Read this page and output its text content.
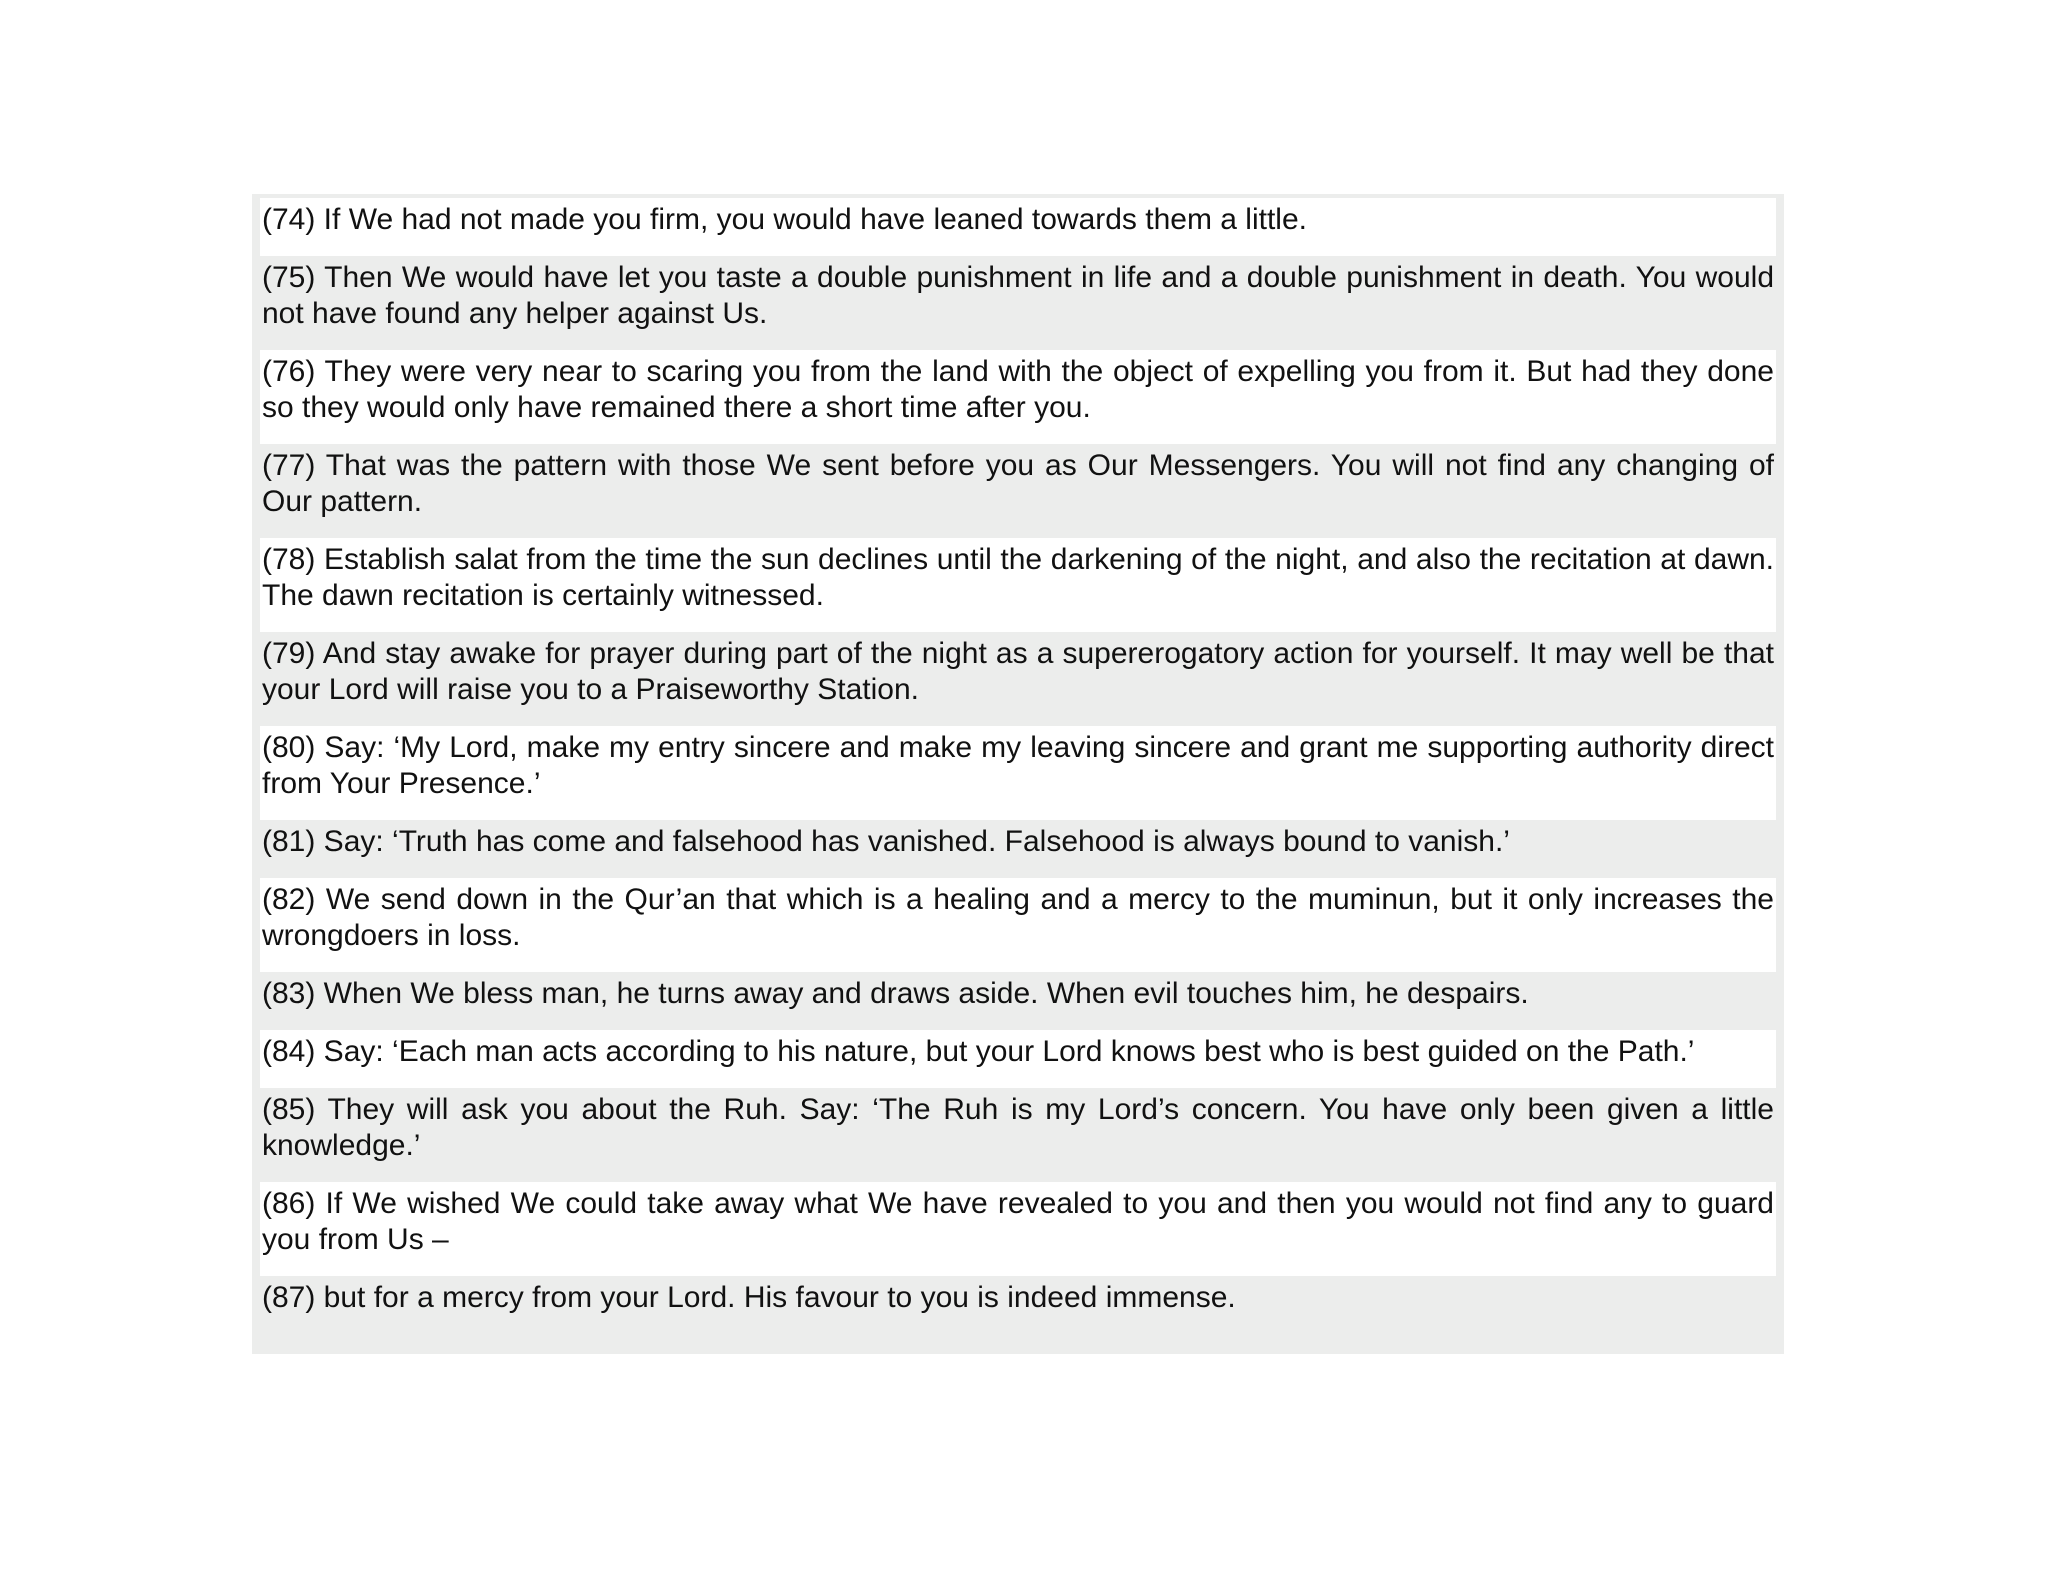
(74) If We had not made you firm, you would have leaned towards them a little.
(75) Then We would have let you taste a double punishment in life and a double punishment in death. You would not have found any helper against Us.
(76) They were very near to scaring you from the land with the object of expelling you from it. But had they done so they would only have remained there a short time after you.
(77) That was the pattern with those We sent before you as Our Messengers. You will not find any changing of Our pattern.
(78) Establish salat from the time the sun declines until the darkening of the night, and also the recitation at dawn. The dawn recitation is certainly witnessed.
(79) And stay awake for prayer during part of the night as a supererogatory action for yourself. It may well be that your Lord will raise you to a Praiseworthy Station.
(80) Say: ‘My Lord, make my entry sincere and make my leaving sincere and grant me supporting authority direct from Your Presence.’
(81) Say: ‘Truth has come and falsehood has vanished. Falsehood is always bound to vanish.’
(82) We send down in the Qur’an that which is a healing and a mercy to the muminun, but it only increases the wrongdoers in loss.
(83) When We bless man, he turns away and draws aside. When evil touches him, he despairs.
(84) Say: ‘Each man acts according to his nature, but your Lord knows best who is best guided on the Path.’
(85) They will ask you about the Ruh. Say: ‘The Ruh is my Lord’s concern. You have only been given a little knowledge.’
(86) If We wished We could take away what We have revealed to you and then you would not find any to guard you from Us –
(87) but for a mercy from your Lord. His favour to you is indeed immense.
